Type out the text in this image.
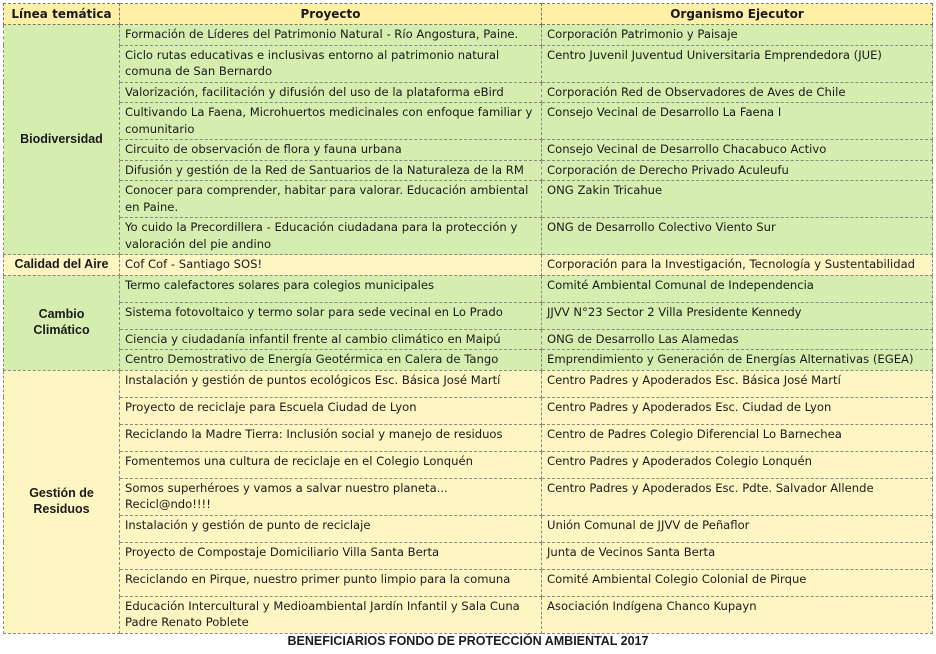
Línea temática	Proyecto	Organismo Ejecutor
Biodiversidad	Formación de Líderes del Patrimonio Natural - Río Angostura, Paine.	Corporación Patrimonio y Paisaje
	Ciclo rutas educativas e inclusivas entorno al patrimonio natural comuna de San Bernardo	Centro Juvenil Juventud Universitaria Emprendedora (JUE)
	Valorización, facilitación y difusión del uso de la plataforma eBird	Corporación Red de Observadores de Aves de Chile
	Cultivando La Faena, Microhuertos medicinales con enfoque familiar y comunitario	Consejo Vecinal de Desarrollo La Faena I
	Circuito de observación de flora y fauna urbana	Consejo Vecinal de Desarrollo Chacabuco Activo
	Difusión y gestión de la Red de Santuarios de la Naturaleza de la RM	Corporación de Derecho Privado Aculeufu
	Conocer para comprender, habitar para valorar. Educación ambiental en Paine.	ONG Zakin Tricahue
	Yo cuido la Precordillera - Educación ciudadana para la protección y valoración del pie andino	ONG de Desarrollo Colectivo Viento Sur
Calidad del Aire	Cof Cof - Santiago SOS!	Corporación para la Investigación, Tecnología y Sustentabilidad
Cambio Climático	Termo calefactores solares para colegios municipales	Comité Ambiental Comunal de Independencia
	Sistema fotovoltaico y termo solar para sede vecinal en Lo Prado	JJVV N°23 Sector 2 Villa Presidente Kennedy
	Ciencia y ciudadanía infantil frente al cambio climático en Maipú	ONG de Desarrollo Las Alamedas
	Centro Demostrativo de Energía Geotérmica en Calera de Tango	Emprendimiento y Generación de Energías Alternativas (EGEA)
Gestión de Residuos	Instalación y gestión de puntos ecológicos Esc. Básica José Martí	Centro Padres y Apoderados Esc. Básica José Martí
	Proyecto de reciclaje para Escuela Ciudad de Lyon	Centro Padres y Apoderados Esc. Ciudad de Lyon
	Reciclando la Madre Tierra: Inclusión social y manejo de residuos	Centro de Padres Colegio Diferencial Lo Barnechea
	Fomentemos una cultura de reciclaje en el Colegio Lonquén	Centro Padres y Apoderados Colegio Lonquén
	Somos superhéroes y vamos a salvar nuestro planeta... Recicl@ndo!!!!	Centro Padres y Apoderados Esc. Pdte. Salvador Allende
	Instalación y gestión de punto de reciclaje	Unión Comunal de JJVV de Peñaflor
	Proyecto de Compostaje Domiciliario Villa Santa Berta	Junta de Vecinos Santa Berta
	Reciclando en Pirque, nuestro primer punto limpio para la comuna	Comité Ambiental Colegio Colonial de Pirque
	Educación Intercultural y Medioambiental Jardín Infantil y Sala Cuna Padre Renato Poblete	Asociación Indígena Chanco Kupayn
BENEFICIARIOS FONDO DE PROTECCIÓN AMBIENTAL 2017
